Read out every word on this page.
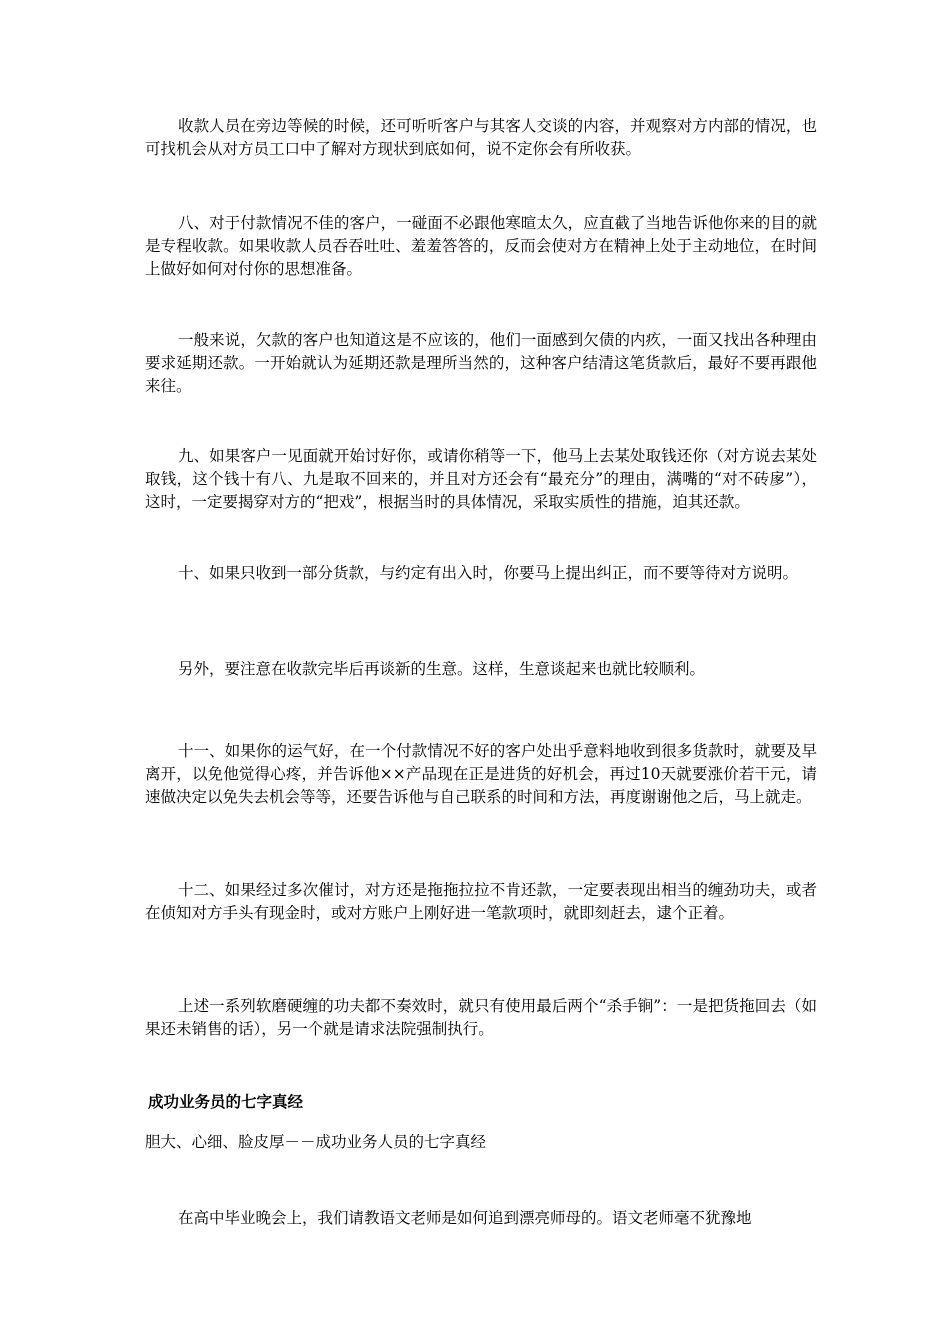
收款人员在旁边等候的时候，还可听听客户与其客人交谈的内容，并观察对方内部的情况，也可找机会从对方员工口中了解对方现状到底如何，说不定你会有所收获。

八、对于付款情况不佳的客户，一碰面不必跟他寒暄太久，应直截了当地告诉他你来的目的就是专程收款。如果收款人员吞吞吐吐、羞羞答答的，反而会使对方在精神上处于主动地位，在时间上做好如何对付你的思想准备。

一般来说，欠款的客户也知道这是不应该的，他们一面感到欠债的内疚，一面又找出各种理由要求延期还款。一开始就认为延期还款是理所当然的，这种客户结清这笔货款后，最好不要再跟他来往。

九、如果客户一见面就开始讨好你，或请你稍等一下，他马上去某处取钱还你（对方说去某处取钱，这个钱十有八、九是取不回来的，并且对方还会有“最充分”的理由，满嘴的“对不砖扅”），这时，一定要揭穿对方的“把戏”，根据当时的具体情况，采取实质性的措施，迫其还款。

十、如果只收到一部分货款，与约定有出入时，你要马上提出纠正，而不要等待对方说明。

另外，要注意在收款完毕后再谈新的生意。这样，生意谈起来也就比较顺利。

十一、如果你的运气好，在一个付款情况不好的客户处出乎意料地收到很多货款时，就要及早离开，以免他觉得心疼，并告诉他××产品现在正是进货的好机会，再过10天就要涨价若干元，请速做决定以免失去机会等等，还要告诉他与自己联系的时间和方法，再度谢谢他之后，马上就走。

十二、如果经过多次催讨，对方还是拖拖拉拉不肯还款，一定要表现出相当的缠劲功夫，或者在侦知对方手头有现金时，或对方账户上刚好进一笔款项时，就即刻赶去，逮个正着。

上述一系列软磨硬缠的功夫都不奏效时，就只有使用最后两个“杀手锏”：一是把货拖回去（如果还未销售的话），另一个就是请求法院强制执行。

成功业务员的七字真经

胆大、心细、脸皮厚－－成功业务人员的七字真经

在高中毕业晚会上，我们请教语文老师是如何追到漂亮师母的。语文老师毫不犹豫地
